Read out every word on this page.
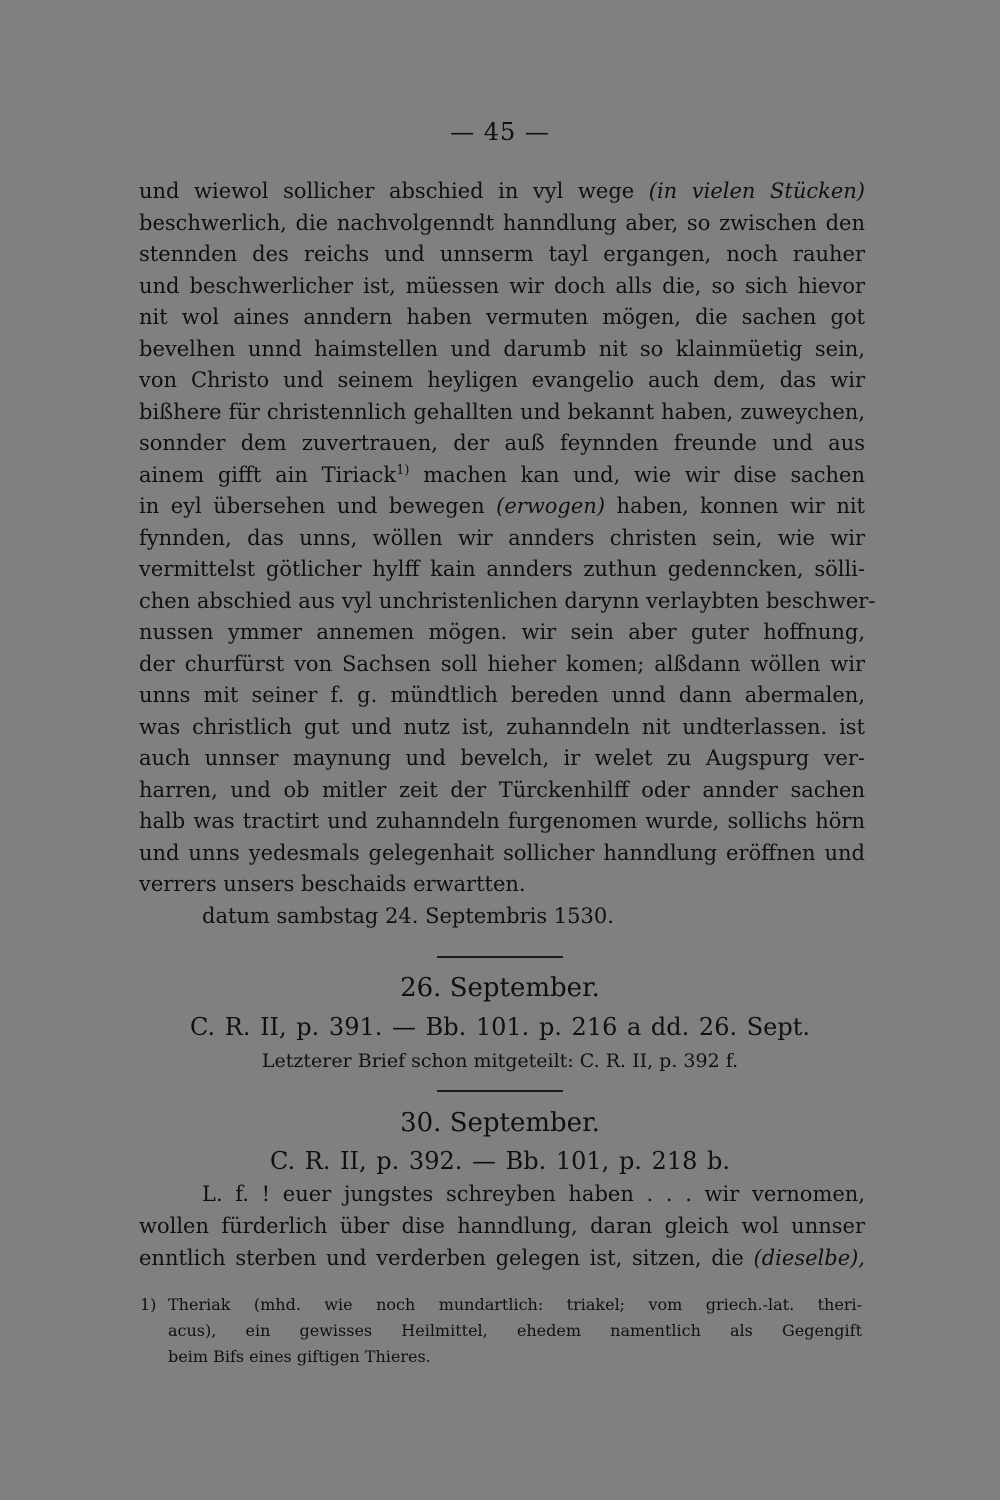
— 45 —
und wiewol sollicher abschied in vyl wege (in vielen Stücken)
beschwerlich, die nachvolgenndt hanndlung aber, so zwischen den
stennden des reichs und unnserm tayl ergangen, noch rauher
und beschwerlicher ist, müessen wir doch alls die, so sich hievor
nit wol aines anndern haben vermuten mögen, die sachen got
bevelhen unnd haimstellen und darumb nit so klainmüetig sein,
von Christo und seinem heyligen evangelio auch dem, das wir
bißhere für christennlich gehallten und bekannt haben, zuweychen,
sonnder dem zuvertrauen, der auß feynnden freunde und aus
ainem gifft ain Tiriack$^{1)}$ machen kan und, wie wir dise sachen
in eyl übersehen und bewegen (erwogen) haben, konnen wir nit
fynnden, das unns, wöllen wir annders christen sein, wie wir
vermittelst götlicher hylff kain annders zuthun gedenncken, sölli-
chen abschied aus vyl unchristenlichen darynn verlaybten beschwer-
nussen ymmer annemen mögen. wir sein aber guter hoffnung,
der churfürst von Sachsen soll hieher komen; alßdann wöllen wir
unns mit seiner f. g. mündtlich bereden unnd dann abermalen,
was christlich gut und nutz ist, zuhanndeln nit undterlassen. ist
auch unnser maynung und bevelch, ir welet zu Augspurg ver-
harren, und ob mitler zeit der Türckenhilff oder annder sachen
halb was tractirt und zuhanndeln furgenomen wurde, sollichs hörn
und unns yedesmals gelegenhait sollicher hanndlung eröffnen und
verrers unsers beschaids erwartten.
datum sambstag 24. Septembris 1530.
26. September.
C. R. II, p. 391. — Bb. 101. p. 216 a dd. 26. Sept.
Letzterer Brief schon mitgeteilt: C. R. II, p. 392 f.
30. September.
C. R. II, p. 392. — Bb. 101, p. 218 b.
L. f. ! euer jungstes schreyben haben . . . wir vernomen,
wollen fürderlich über dise hanndlung, daran gleich wol unnser
enntlich sterben und verderben gelegen ist, sitzen, die (dieselbe),
1) Theriak (mhd. wie noch mundartlich: triakel; vom griech.-lat. theri-
acus), ein gewisses Heilmittel, ehedem namentlich als Gegengift
beim Bifs eines giftigen Thieres.
